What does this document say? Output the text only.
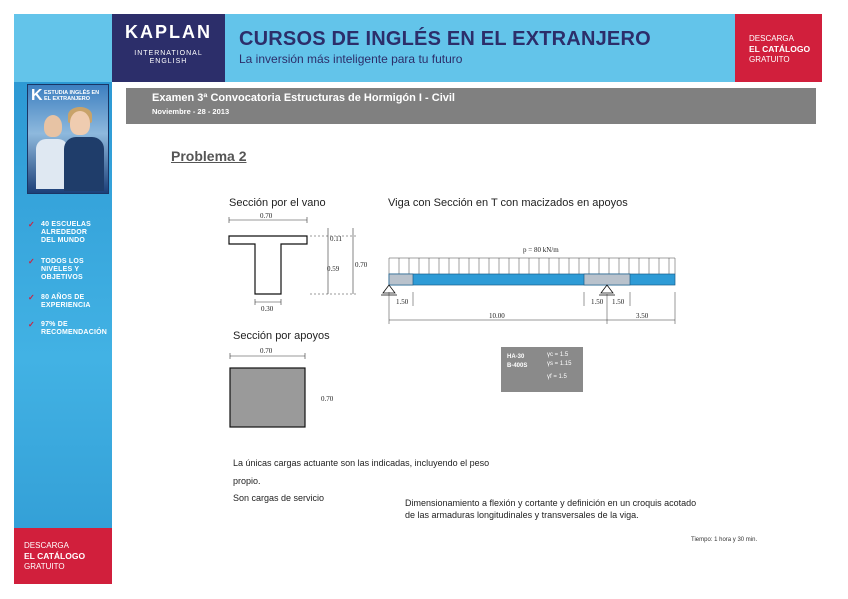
KAPLAN
INTERNATIONAL
ENGLISH
CURSOS DE INGLÉS EN EL EXTRANJERO
La inversión más inteligente para tu futuro
DESCARGA
EL CATÁLOGO
GRATUITO
K ESTUDIA INGLÉS EN EL EXTRANJERO
✓ 40 ESCUELAS
ALREDEDOR
DEL MUNDO
✓ TODOS LOS
NIVELES Y
OBJETIVOS
✓ 80 AÑOS DE
EXPERIENCIA
✓ 97% DE
RECOMENDACIÓN
DESCARGA
EL CATÁLOGO
GRATUITO
Examen 3ª Convocatoria Estructuras de Hormigón I - Civil
Noviembre - 28 - 2013
Problema 2
Sección por el vano	Viga con Sección en T con macizados en apoyos
Sección por apoyos
0.70
0.11
0.59 0.70
0.30
0.70
0.70
p = 80 kN/m
1.50	1.50 1.50
10.00	3.50
HA-30
B-400S
γc = 1.5
γs = 1.15
γf = 1.5
La únicas cargas actuante son las indicadas, incluyendo el peso
propio.
Son cargas de servicio	Dimensionamiento a flexión y cortante y definición en un croquis acotado de las armaduras longitudinales y transversales de la viga.
Tiempo: 1 hora y 30 min.
